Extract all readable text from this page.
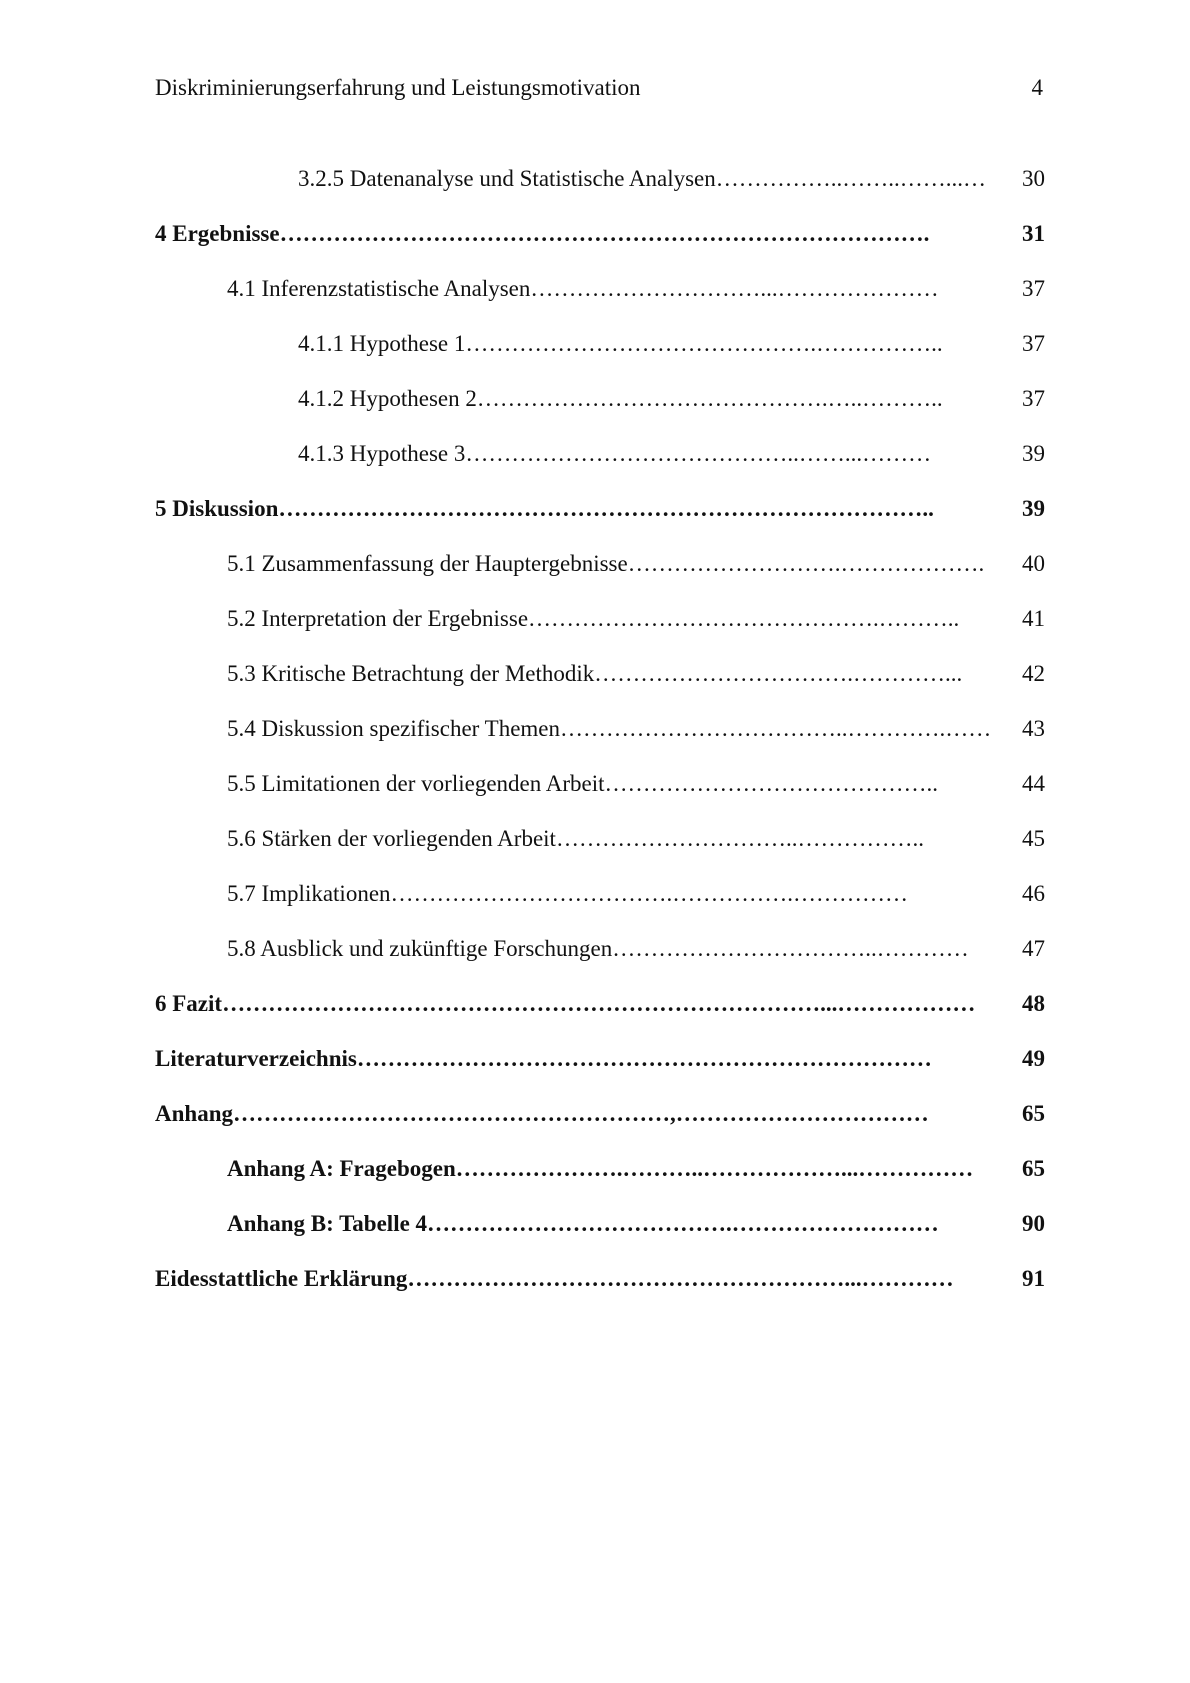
Diskriminierungserfahrung und Leistungsmotivation	4
3.2.5 Datenanalyse und Statistische Analysen ……………..……..……...…	30
4 Ergebnisse ………………………………………………………………………….	31
4.1 Inferenzstatistische Analysen …………………………...…………………	37
4.1.1 Hypothese 1 ……………………………………….……………..	37
4.1.2 Hypothesen 2 ……………………………………….…..………..	37
4.1.3 Hypothese 3 ……………………………………..……...………	39
5 Diskussion …………………………………………………………………………..	39
5.1 Zusammenfassung der Hauptergebnisse ……………………….……………….	40
5.2 Interpretation der Ergebnisse ……………………………………….………..	41
5.3 Kritische Betrachtung der Methodik …………………………….…………...	42
5.4 Diskussion spezifischer Themen ………………………………..………….……	43
5.5 Limitationen der vorliegenden Arbeit ……………………………………..	44
5.6 Stärken der vorliegenden Arbeit …………………………..……………..	45
5.7 Implikationen ……………………………….…………….……………	46
5.8 Ausblick und zukünftige Forschungen ……………………………..…………	47
6 Fazit ……………………………………………………………………...………………	48
Literaturverzeichnis …………………………………………………………………	49
Anhang …………………………………………………,……………………………	65
Anhang A: Fragebogen ………………….………..………………...……………	65
Anhang B: Tabelle 4 ………………………………….………………………	90
Eidesstattliche Erklärung …………………………………………………...…………	91
